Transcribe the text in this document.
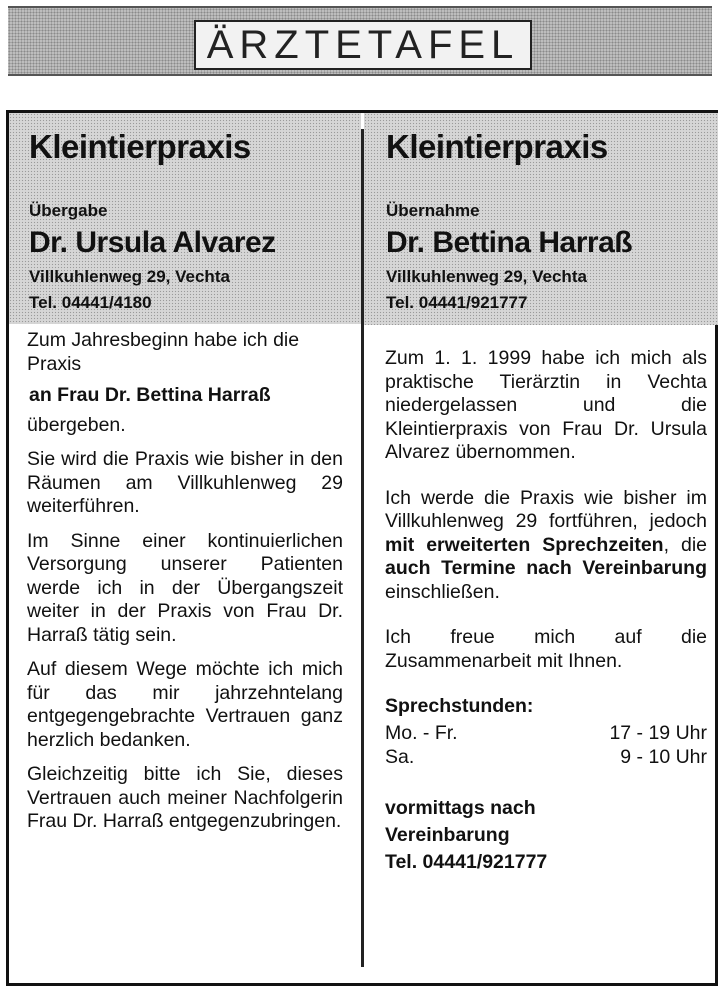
ÄRZTETAFEL
Kleintierpraxis
Übergabe
Dr. Ursula Alvarez
Villkuhlenweg 29, Vechta
Tel. 04441/4180

Zum Jahresbeginn habe ich die Praxis

an Frau Dr. Bettina Harraß

übergeben.

Sie wird die Praxis wie bisher in den Räumen am Villkuhlenweg 29 weiterführen.

Im Sinne einer kontinuierlichen Versorgung unserer Patienten werde ich in der Übergangszeit weiter in der Praxis von Frau Dr. Harraß tätig sein.

Auf diesem Wege möchte ich mich für das mir jahrzehntelang entgegengebrachte Vertrauen ganz herzlich bedanken.

Gleichzeitig bitte ich Sie, dieses Vertrauen auch meiner Nachfolgerin Frau Dr. Harraß entgegenzubringen.

Kleintierpraxis
Übernahme
Dr. Bettina Harraß
Villkuhlenweg 29, Vechta
Tel. 04441/921777

Zum 1. 1. 1999 habe ich mich als praktische Tierärztin in Vechta niedergelassen und die Kleintierpraxis von Frau Dr. Ursula Alvarez übernommen.

Ich werde die Praxis wie bisher im Villkuhlenweg 29 fortführen, jedoch mit erweiterten Sprechzeiten, die auch Termine nach Vereinbarung einschließen.

Ich freue mich auf die Zusammenarbeit mit Ihnen.

Sprechstunden:
Mo. - Fr.	17 - 19 Uhr
Sa.	9 - 10 Uhr
vormittags nach
Vereinbarung
Tel. 04441/921777
